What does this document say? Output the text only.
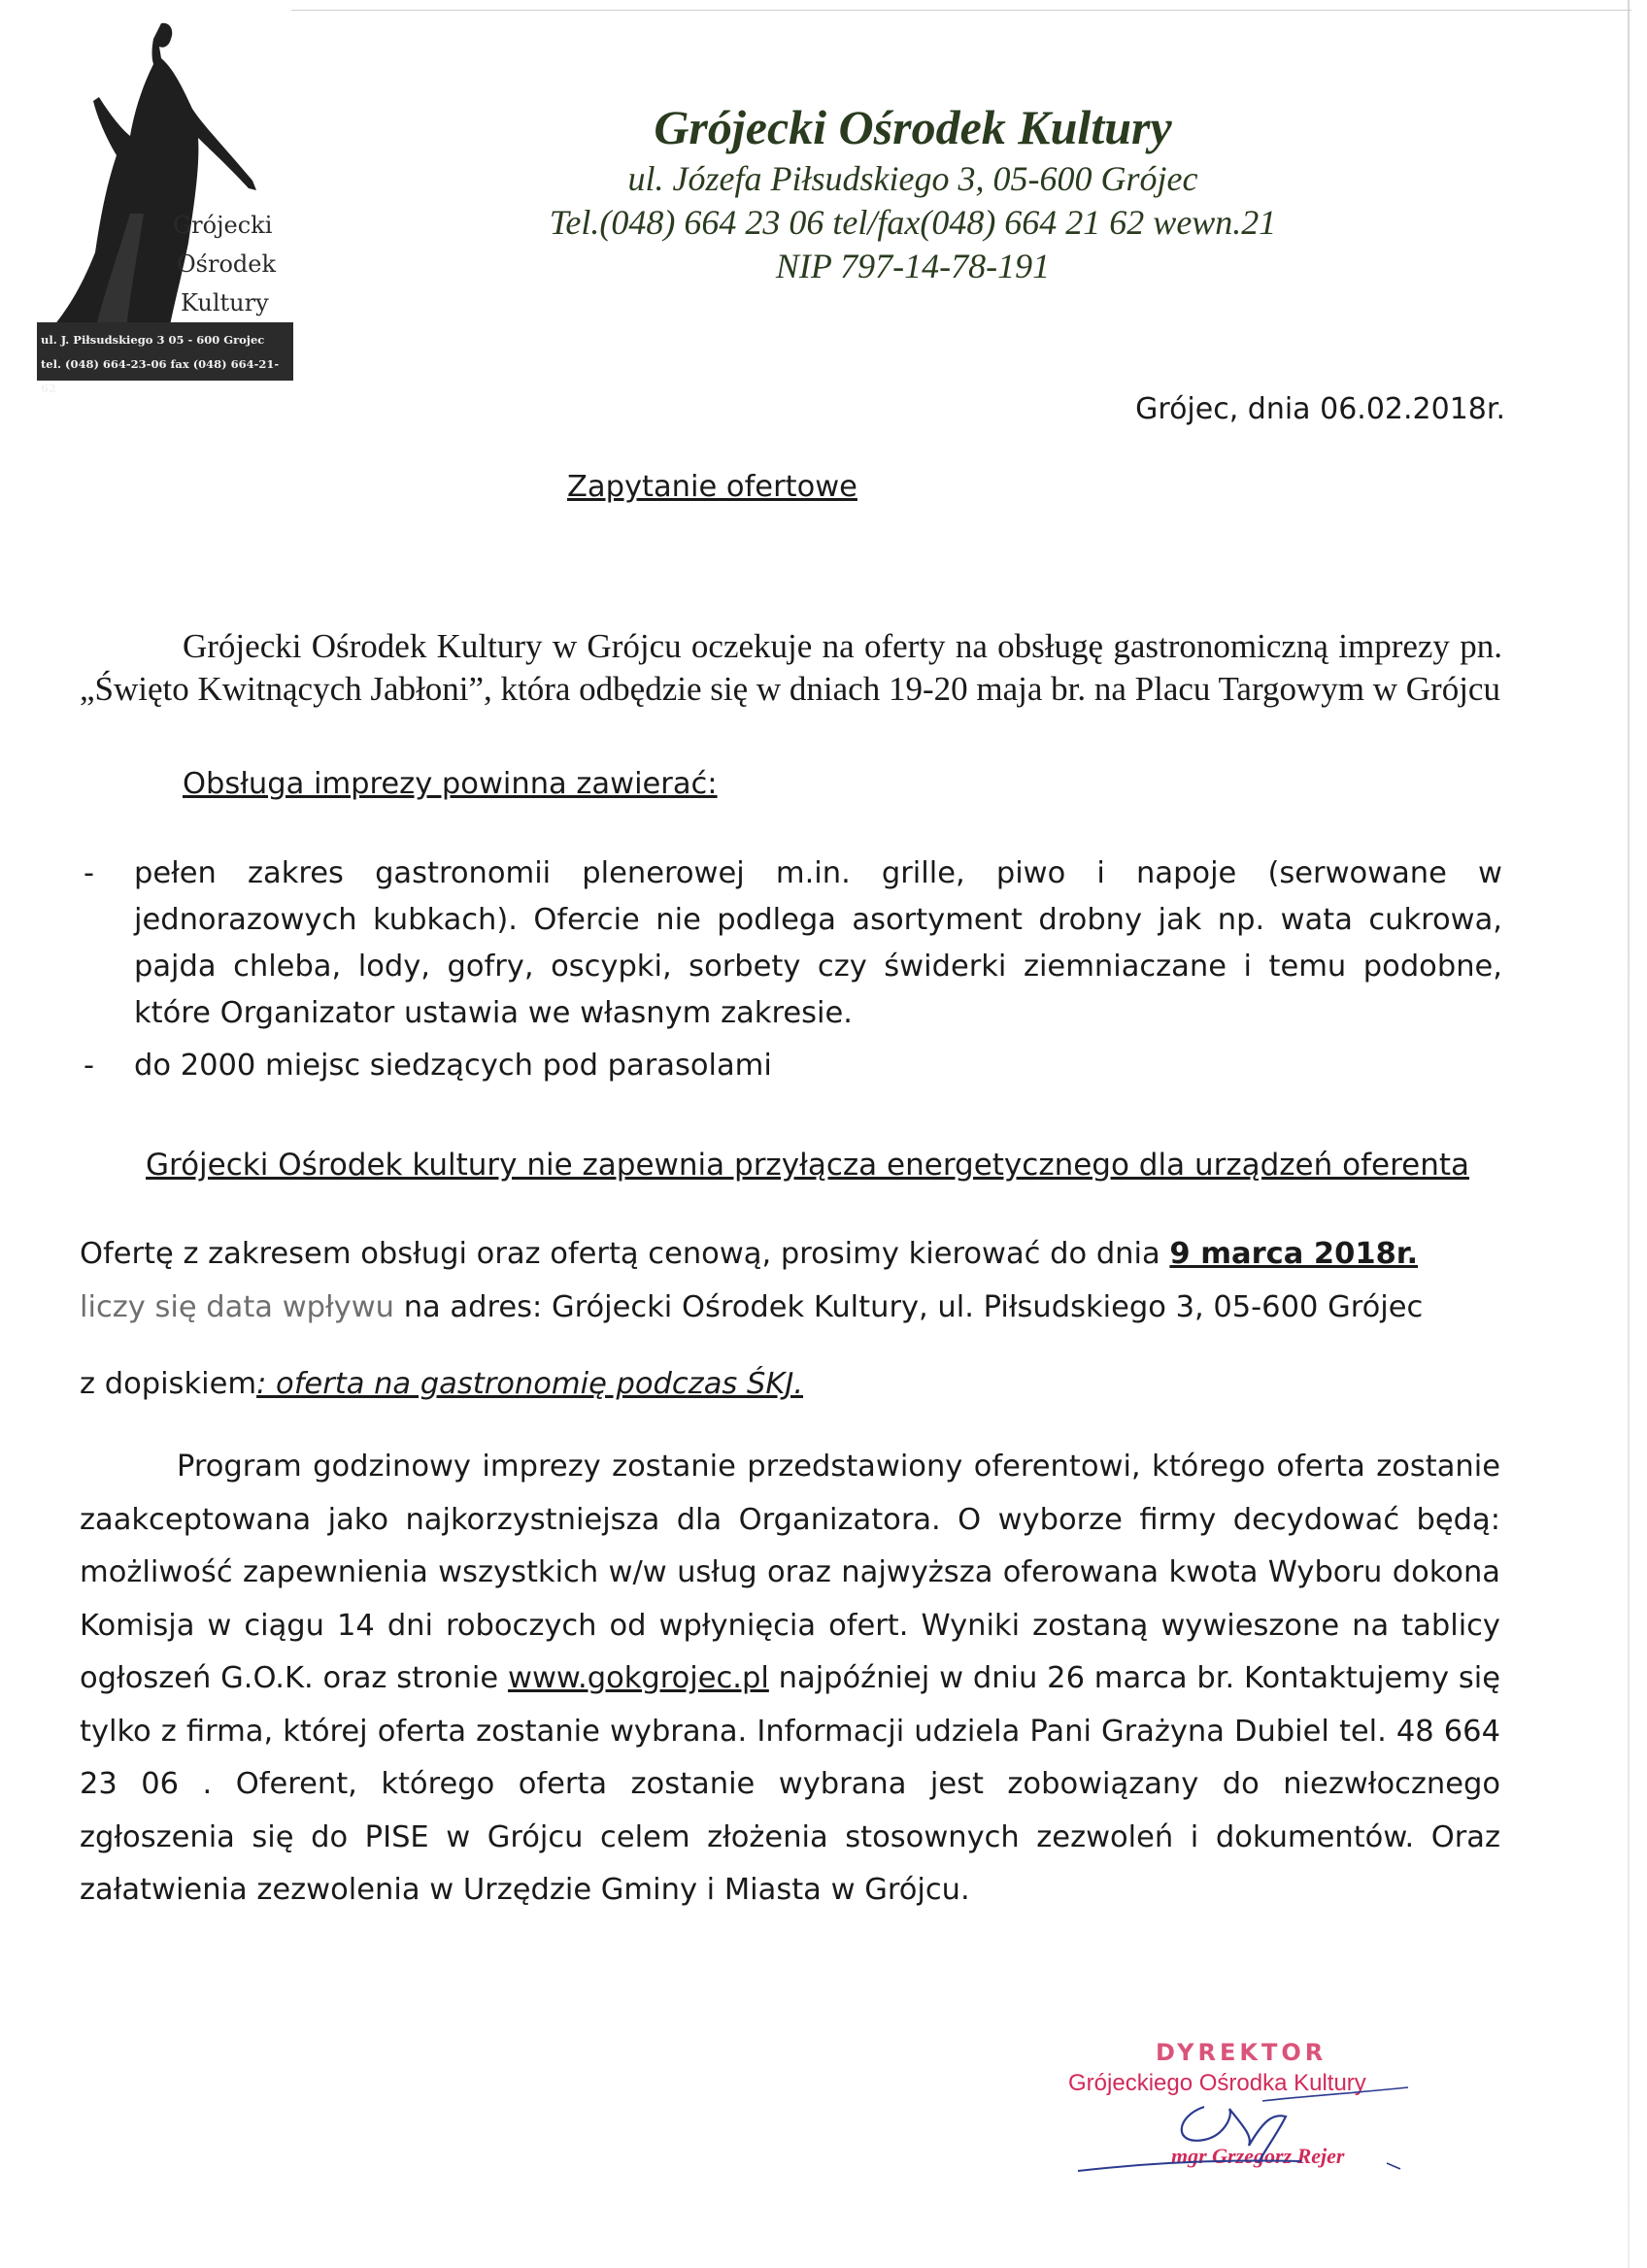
Grójecki
Ośrodek
Kultury
ul. J. Piłsudskiego 3 05 - 600 Grojec
tel. (048) 664-23-06 fax (048) 664-21-62
Grójecki Ośrodek Kultury
ul. Józefa Piłsudskiego 3, 05-600 Grójec
Tel.(048) 664 23 06 tel/fax(048) 664 21 62 wewn.21
NIP 797-14-78-191
Grójec, dnia 06.02.2018r.
Zapytanie ofertowe
Grójecki Ośrodek Kultury w Grójcu oczekuje na oferty na obsługę gastronomiczną imprezy pn. „Święto Kwitnących Jabłoni”, która odbędzie się w dniach 19-20 maja br. na Placu Targowym w Grójcu
Obsługa imprezy powinna zawierać:
- pełen zakres gastronomii plenerowej m.in. grille, piwo i napoje (serwowane w jednorazowych kubkach). Ofercie nie podlega asortyment drobny jak np. wata cukrowa, pajda chleba, lody, gofry, oscypki, sorbety czy świderki ziemniaczane i temu podobne, które Organizator ustawia we własnym zakresie.
- do 2000 miejsc siedzących pod parasolami
Grójecki Ośrodek kultury nie zapewnia przyłącza energetycznego dla urządzeń oferenta
Ofertę z zakresem obsługi oraz ofertą cenową, prosimy kierować do dnia 9 marca 2018r.
liczy się data wpływu na adres: Grójecki Ośrodek Kultury, ul. Piłsudskiego 3, 05-600 Grójec
z dopiskiem: oferta na gastronomię podczas ŚKJ.

Program godzinowy imprezy zostanie przedstawiony oferentowi, którego oferta zostanie zaakceptowana jako najkorzystniejsza dla Organizatora. O wyborze firmy decydować będą: możliwość zapewnienia wszystkich w/w usług oraz najwyższa oferowana kwota Wyboru dokona Komisja w ciągu 14 dni roboczych od wpłynięcia ofert. Wyniki zostaną wywieszone na tablicy ogłoszeń G.O.K. oraz stronie www.gokgrojec.pl najpóźniej w dniu 26 marca br. Kontaktujemy się tylko z firma, której oferta zostanie wybrana. Informacji udziela Pani Grażyna Dubiel tel. 48 664 23 06 . Oferent, którego oferta zostanie wybrana jest zobowiązany do niezwłocznego zgłoszenia się do PISE w Grójcu celem złożenia stosownych zezwoleń i dokumentów. Oraz załatwienia zezwolenia w Urzędzie Gminy i Miasta w Grójcu.

DYREKTOR
Grójeckiego Ośrodka Kultury
mgr Grzegorz Rejer
